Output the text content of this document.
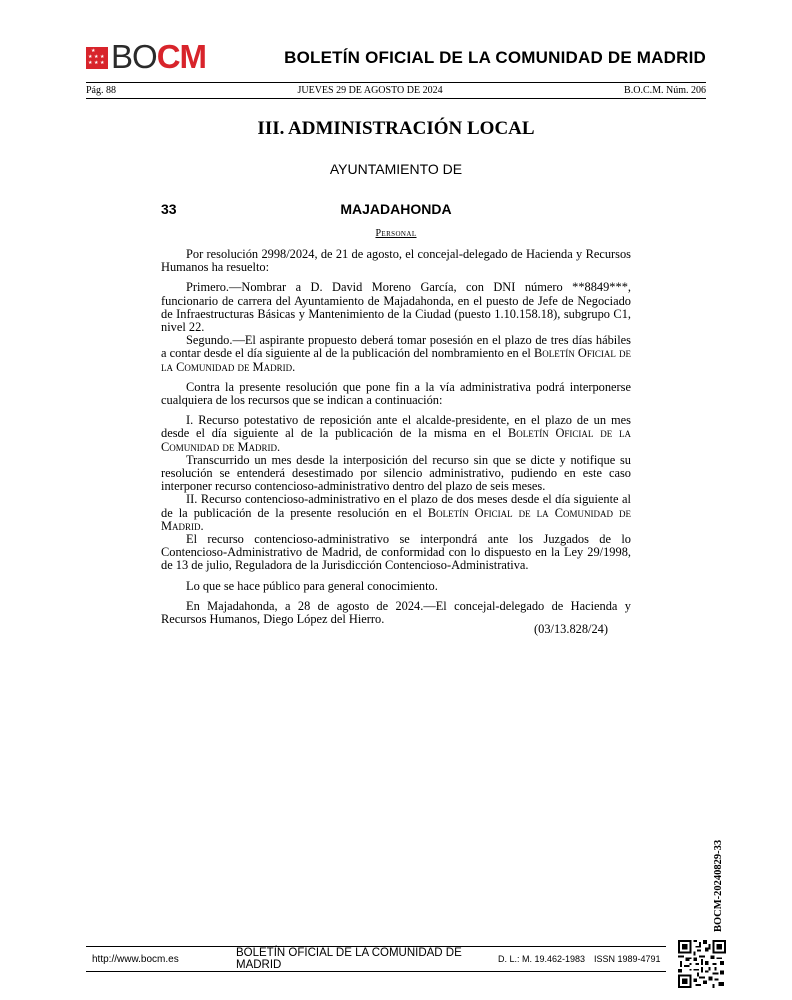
★ ★ ★
★ ★ ★
★ BOCM	BOLETÍN OFICIAL DE LA COMUNIDAD DE MADRID
Pág. 88	JUEVES 29 DE AGOSTO DE 2024	B.O.C.M. Núm. 206
III. ADMINISTRACIÓN LOCAL
AYUNTAMIENTO DE
33	MAJADAHONDA
Personal

Por resolución 2998/2024, de 21 de agosto, el concejal-delegado de Hacienda y Recursos Humanos ha resuelto:

Primero.—Nombrar a D. David Moreno García, con DNI número **8849***, funcionario de carrera del Ayuntamiento de Majadahonda, en el puesto de Jefe de Negociado de Infraestructuras Básicas y Mantenimiento de la Ciudad (puesto 1.10.158.18), subgrupo C1, nivel 22.

Segundo.—El aspirante propuesto deberá tomar posesión en el plazo de tres días hábiles a contar desde el día siguiente al de la publicación del nombramiento en el Boletín Oficial de la Comunidad de Madrid.

Contra la presente resolución que pone fin a la vía administrativa podrá interponerse cualquiera de los recursos que se indican a continuación:

I. Recurso potestativo de reposición ante el alcalde-presidente, en el plazo de un mes desde el día siguiente al de la publicación de la misma en el Boletín Oficial de la Comunidad de Madrid.

Transcurrido un mes desde la interposición del recurso sin que se dicte y notifique su resolución se entenderá desestimado por silencio administrativo, pudiendo en este caso interponer recurso contencioso-administrativo dentro del plazo de seis meses.

II. Recurso contencioso-administrativo en el plazo de dos meses desde el día siguiente al de la publicación de la presente resolución en el Boletín Oficial de la Comunidad de Madrid.

El recurso contencioso-administrativo se interpondrá ante los Juzgados de lo Contencioso-Administrativo de Madrid, de conformidad con lo dispuesto en la Ley 29/1998, de 13 de julio, Reguladora de la Jurisdicción Contencioso-Administrativa.

Lo que se hace público para general conocimiento.

En Majadahonda, a 28 de agosto de 2024.—El concejal-delegado de Hacienda y Recursos Humanos, Diego López del Hierro.

(03/13.828/24)
BOCM-20240829-33
http://www.bocm.es	BOLETÍN OFICIAL DE LA COMUNIDAD DE MADRID	D. L.: M. 19.462-1983 ISSN 1989-4791
